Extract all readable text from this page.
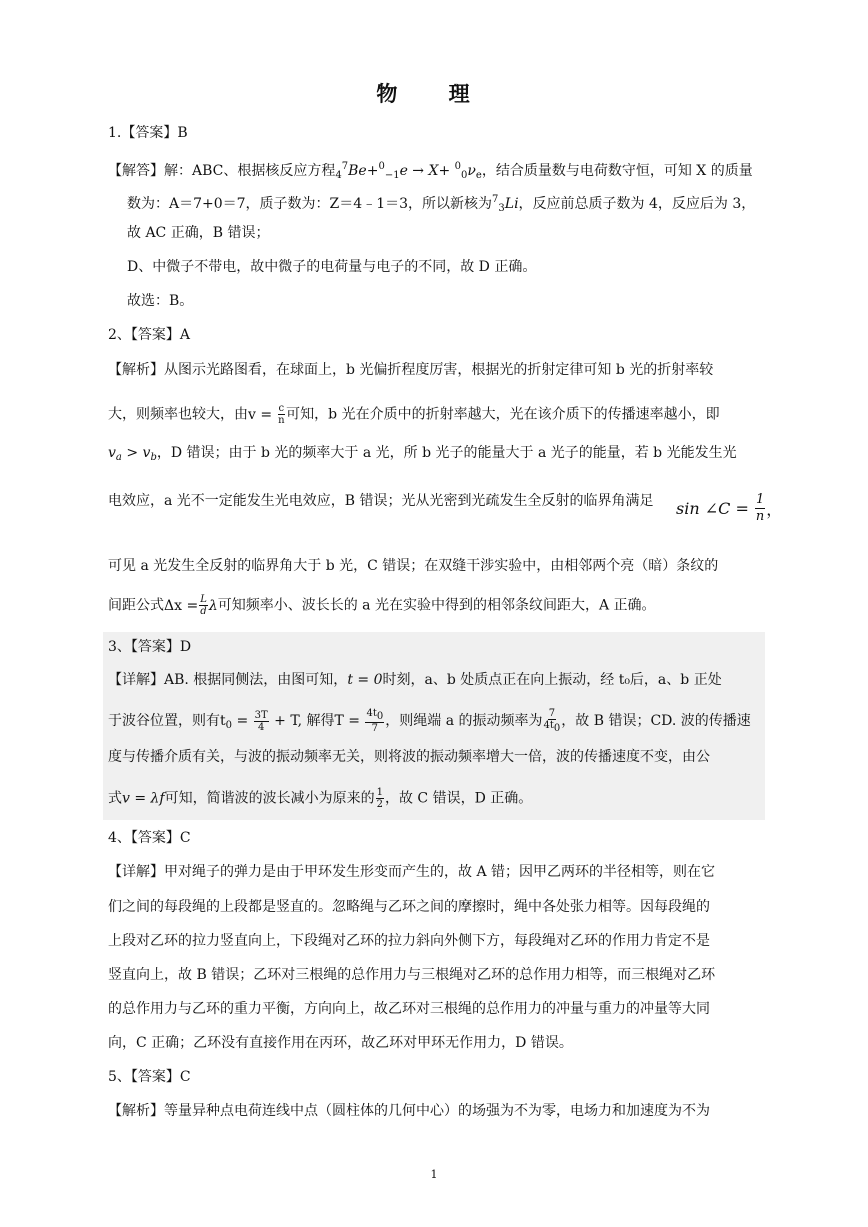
物 理
1.【答案】B
【解答】解：ABC、根据核反应方程$_4^7Be+^0_{-1}e \to X+ ^0_0\nu_e$，结合质量数与电荷数守恒，可知 X 的质量
数为：A＝7+0＝7，质子数为：Z＝4﹣1＝3，所以新核为$^7_3$Li，反应前总质子数为 4，反应后为 3，
故 AC 正确，B 错误；
D、中微子不带电，故中微子的电荷量与电子的不同，故 D 正确。
故选：B。
2、【答案】A
【解析】从图示光路图看，在球面上，b 光偏折程度厉害，根据光的折射定律可知 b 光的折射率较
大，则频率也较大，由$v = \frac{c}{n}$ 可知，b 光在介质中的折射率越大，光在该介质下的传播速率越小，即
$v_a > v_b$，D 错误；由于 b 光的频率大于 a 光，所 b 光子的能量大于 a 光子的能量，若 b 光能发生光
电效应，a 光不一定能发生光电效应，B 错误；光从光密到光疏发生全反射的临界角满足 sin ∠C = $\frac{1}{n}$ ，
可见 a 光发生全反射的临界角大于 b 光，C 错误；在双缝干涉实验中，由相邻两个亮（暗）条纹的
间距公式$\Delta x = \frac{L}{d}$ λ可知频率小、波长长的 a 光在实验中得到的相邻条纹间距大，A 正确。
3、【答案】D
【详解】AB. 根据同侧法，由图可知，t = 0时刻，a、b 处质点正在向上振动，经 t₀后，a、b 正处
于波谷位置，则有$t_0 = \frac{3T}{4} + T$, 解得$T = \frac{4t0}{7}$ ，则绳端 a 的振动频率为 $\frac{7}{4t0}$ ，故 B 错误；CD. 波的传播速
度与传播介质有关，与波的振动频率无关，则将波的振动频率增大一倍，波的传播速度不变，由公
式v = λf可知，简谐波的波长减小为原来的 $\frac{1}{2}$ ，故 C 错误，D 正确。
4、【答案】C
【详解】甲对绳子的弹力是由于甲环发生形变而产生的，故 A 错；因甲乙两环的半径相等，则在它
们之间的每段绳的上段都是竖直的。忽略绳与乙环之间的摩擦时，绳中各处张力相等。因每段绳的
上段对乙环的拉力竖直向上，下段绳对乙环的拉力斜向外侧下方，每段绳对乙环的作用力肯定不是
竖直向上，故 B 错误；乙环对三根绳的总作用力与三根绳对乙环的总作用力相等，而三根绳对乙环
的总作用力与乙环的重力平衡，方向向上，故乙环对三根绳的总作用力的冲量与重力的冲量等大同
向，C 正确；乙环没有直接作用在丙环，故乙环对甲环无作用力，D 错误。
5、【答案】C
【解析】等量异种点电荷连线中点（圆柱体的几何中心）的场强为不为零，电场力和加速度为不为
1
